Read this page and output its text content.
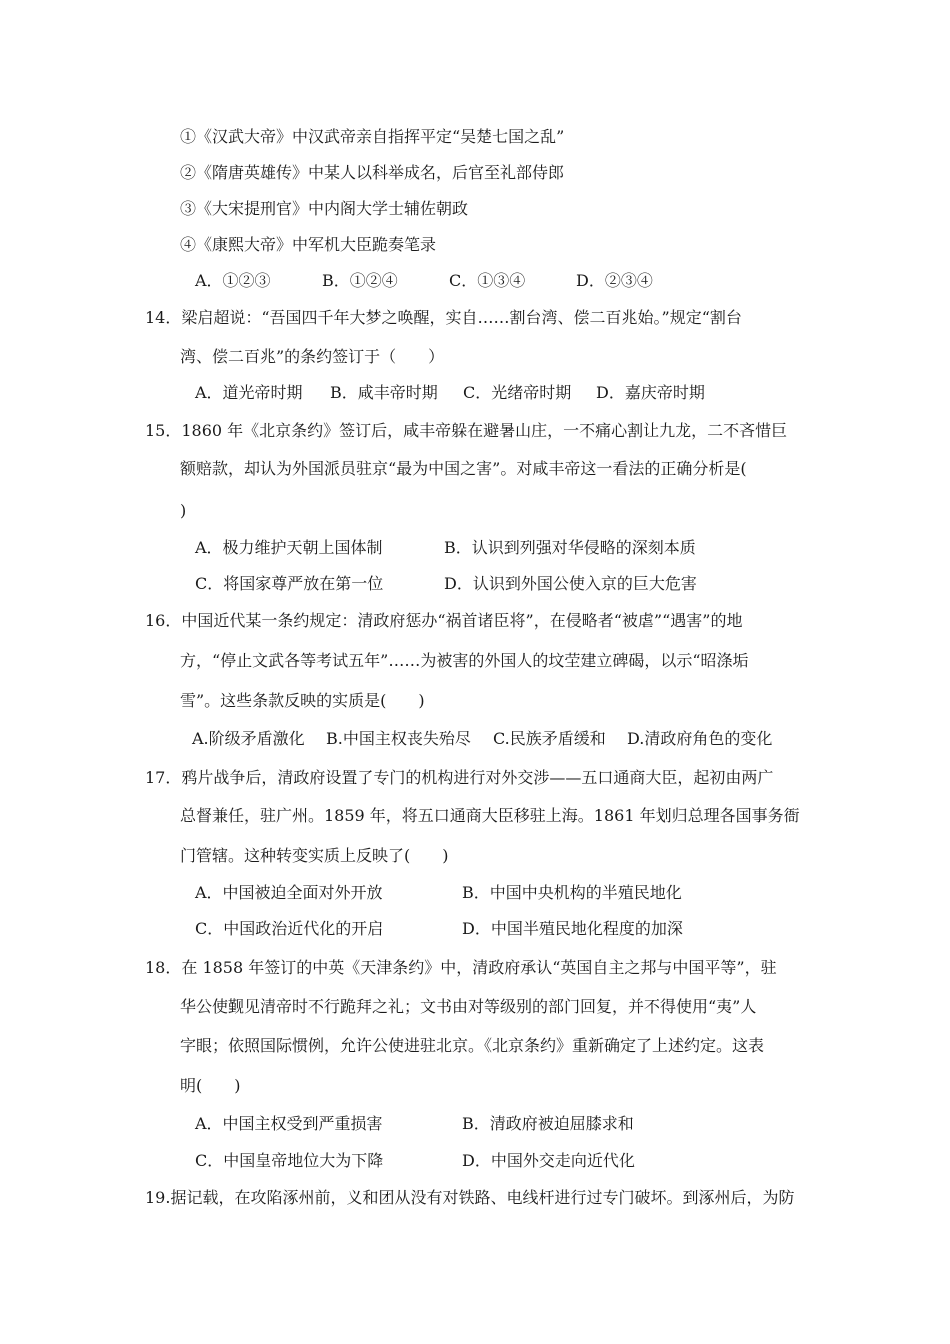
①《汉武大帝》中汉武帝亲自指挥平定“吴楚七国之乱”
②《隋唐英雄传》中某人以科举成名，后官至礼部侍郎
③《大宋提刑官》中内阁大学士辅佐朝政
④《康熙大帝》中军机大臣跪奏笔录
A．①②③	B．①②④	C．①③④	D．②③④
14．梁启超说：“吾国四千年大梦之唤醒，实自……割台湾、偿二百兆始。”规定“割台
湾、偿二百兆”的条约签订于（　　）
A．道光帝时期 B．咸丰帝时期 C．光绪帝时期 D．嘉庆帝时期
15．1860 年《北京条约》签订后，咸丰帝躲在避暑山庄，一不痛心割让九龙，二不吝惜巨
额赔款，却认为外国派员驻京“最为中国之害”。对咸丰帝这一看法的正确分析是(
)
A．极力维护天朝上国体制	B．认识到列强对华侵略的深刻本质
C．将国家尊严放在第一位	D．认识到外国公使入京的巨大危害
16．中国近代某一条约规定：清政府惩办“祸首诸臣将”，在侵略者“被虐”“遇害”的地
方，“停止文武各等考试五年”……为被害的外国人的坟茔建立碑碣，以示“昭涤垢
雪”。这些条款反映的实质是(　　)
A.阶级矛盾激化 B.中国主权丧失殆尽 C.民族矛盾缓和 D.清政府角色的变化
17．鸦片战争后，清政府设置了专门的机构进行对外交涉——五口通商大臣，起初由两广
总督兼任，驻广州。1859 年，将五口通商大臣移驻上海。1861 年划归总理各国事务衙
门管辖。这种转变实质上反映了(　　)
A．中国被迫全面对外开放	B．中国中央机构的半殖民地化
C．中国政治近代化的开启	D．中国半殖民地化程度的加深
18．在 1858 年签订的中英《天津条约》中，清政府承认“英国自主之邦与中国平等”，驻
华公使觐见清帝时不行跪拜之礼；文书由对等级别的部门回复，并不得使用“夷”人
字眼；依照国际惯例，允许公使进驻北京。《北京条约》重新确定了上述约定。这表
明(　　)
A．中国主权受到严重损害	B．清政府被迫屈膝求和
C．中国皇帝地位大为下降	D．中国外交走向近代化
19.据记载，在攻陷涿州前，义和团从没有对铁路、电线杆进行过专门破坏。到涿州后，为防
